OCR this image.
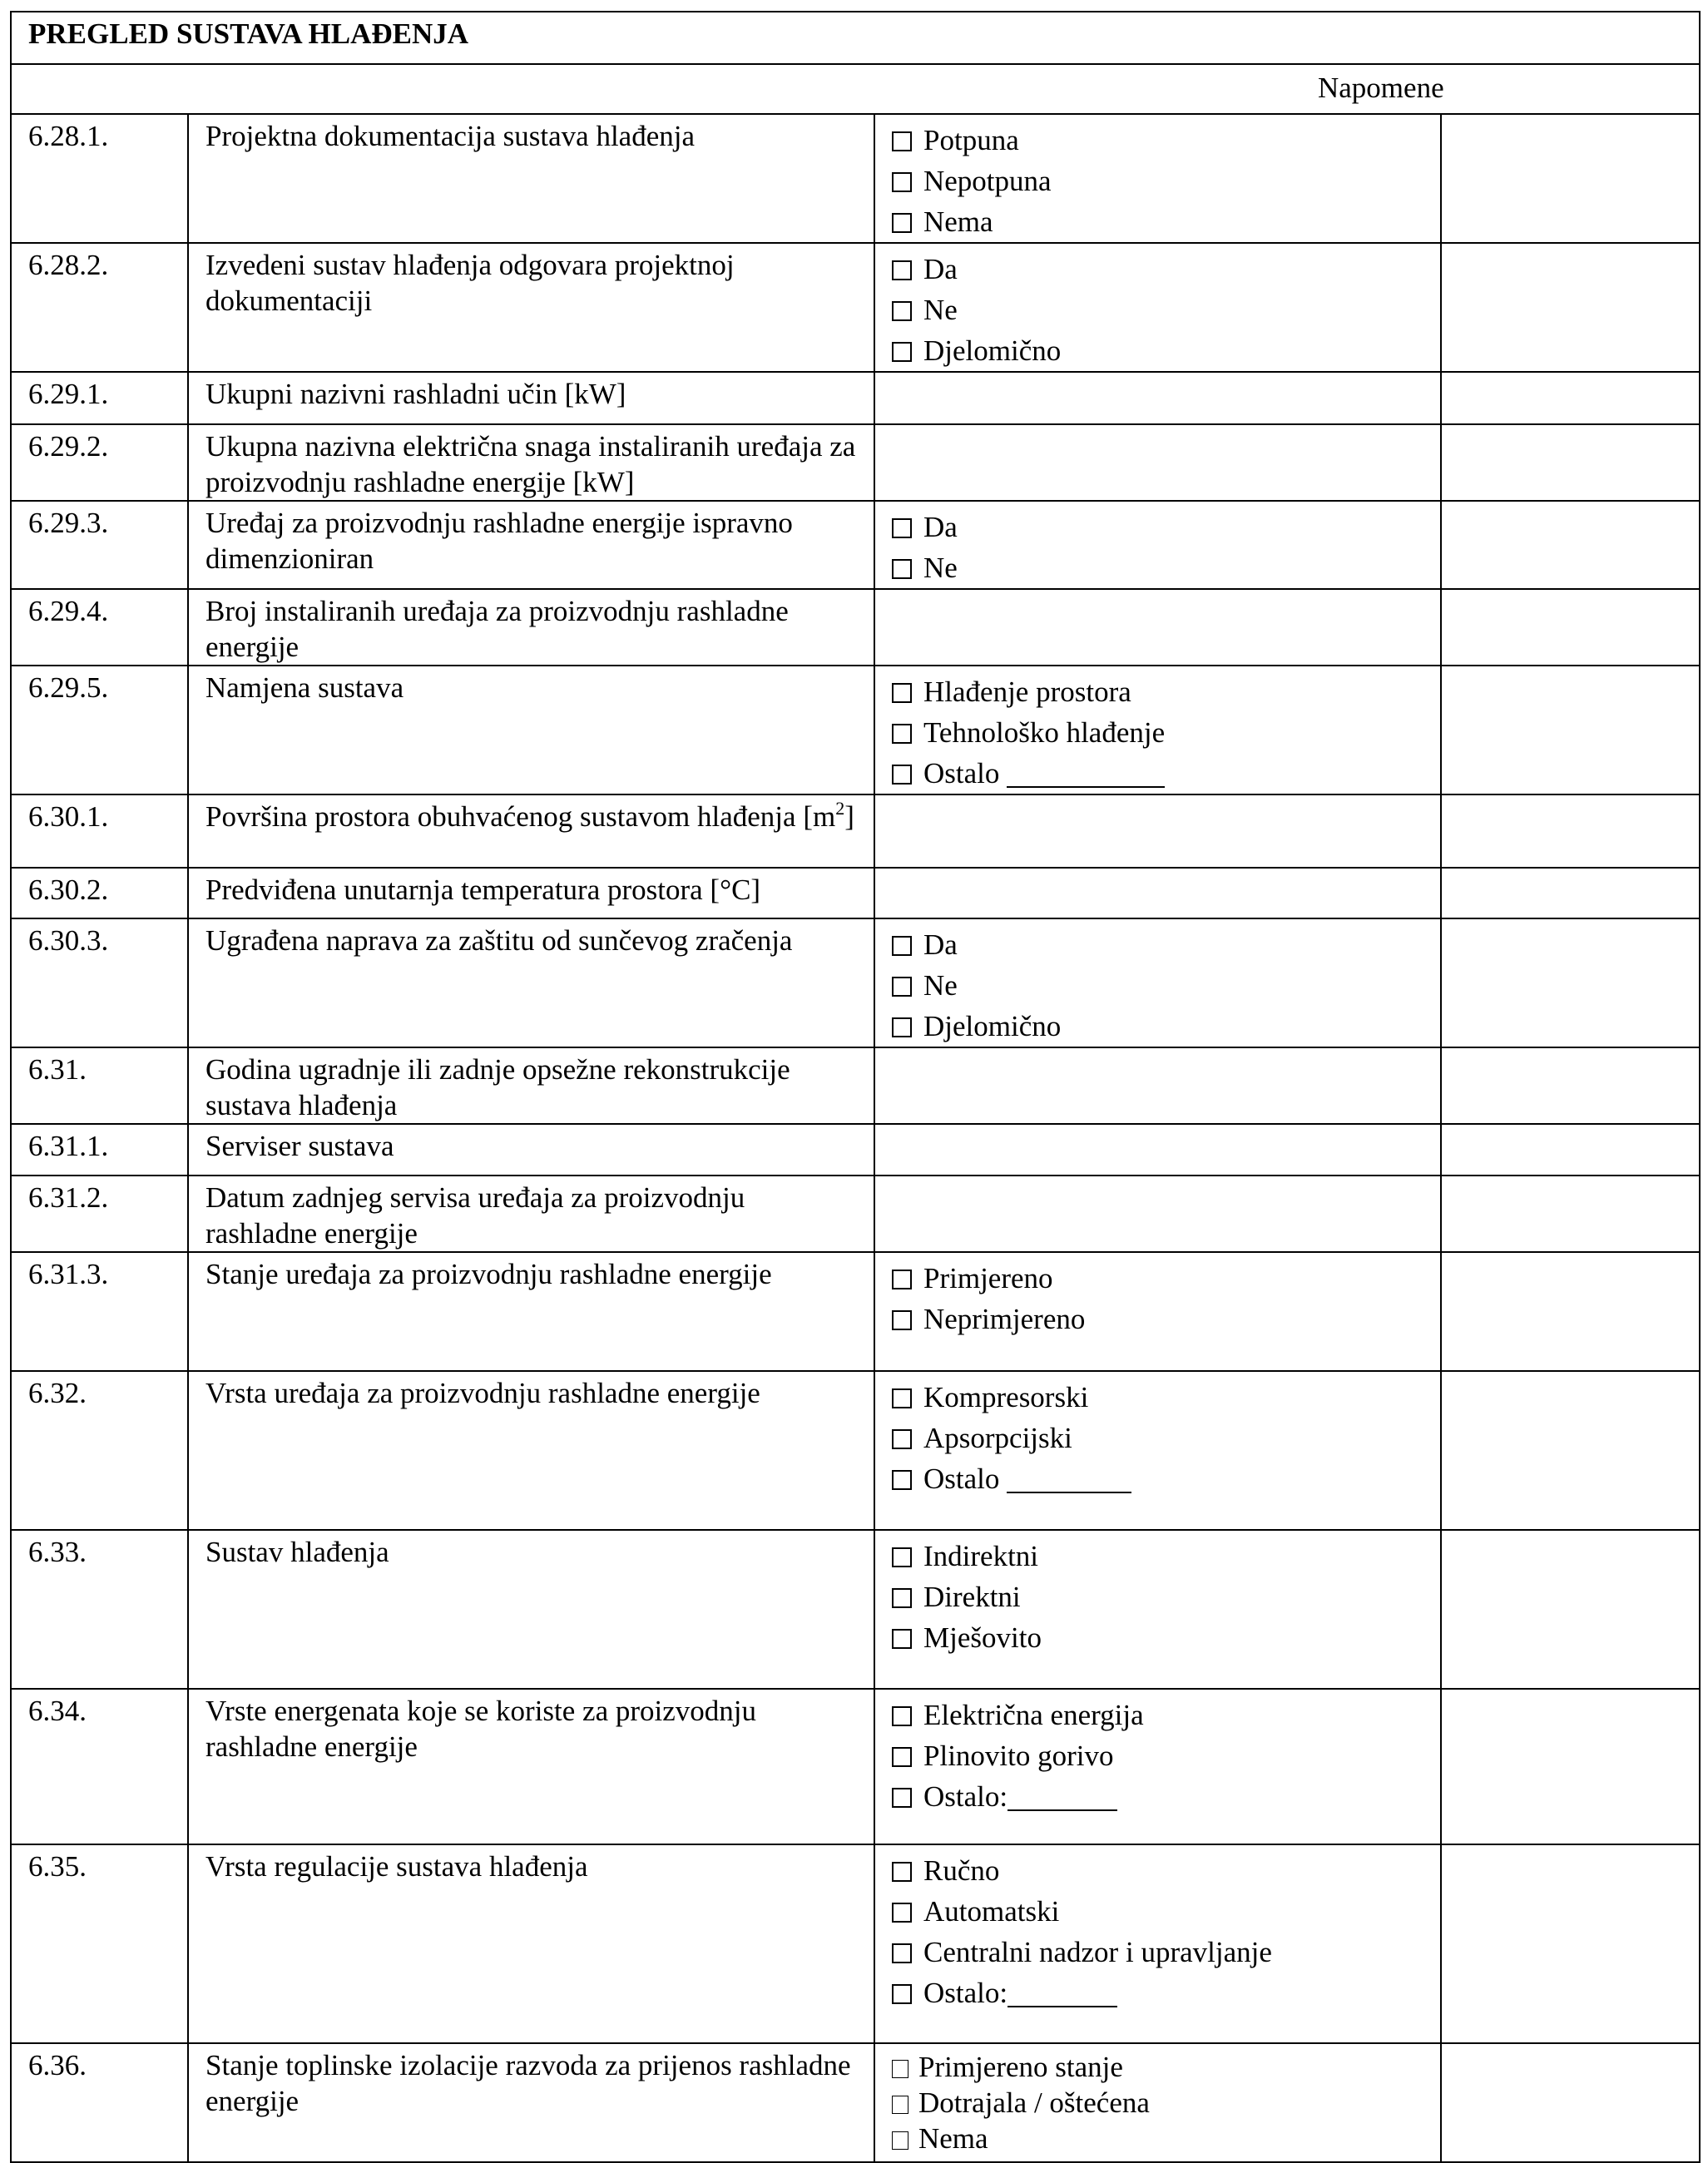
PREGLED SUSTAVA HLAĐENJA			

Napomene			

6.28.1.	Projektna dokumentacija sustava hlađenja	Potpuna
Nepotpuna
Nema	

6.28.2.	Izvedeni sustav hlađenja odgovara projektnoj dokumentaciji	Da
Ne
Djelomično	

6.29.1.	Ukupni nazivni rashladni učin [kW]		
6.29.2.	Ukupna nazivna električna snaga instaliranih uređaja za proizvodnju rashladne energije [kW]		
6.29.3.	Uređaj za proizvodnju rashladne energije ispravno dimenzioniran	Da
Ne	

6.29.4.	Broj instaliranih uređaja za proizvodnju rashladne energije		
6.29.5.	Namjena sustava	Hlađenje prostora
Tehnološko hlađenje
Ostalo	

6.30.1.	Površina prostora obuhvaćenog sustavom hlađenja $[m^2]$		
6.30.2.	Predviđena unutarnja temperatura prostora [°C]		
6.30.3.	Ugrađena naprava za zaštitu od sunčevog zračenja	Da
Ne
Djelomično	

6.31.	Godina ugradnje ili zadnje opsežne rekonstrukcije sustava hlađenja		
6.31.1.	Serviser sustava		
6.31.2.	Datum zadnjeg servisa uređaja za proizvodnju rashladne energije		
6.31.3.	Stanje uređaja za proizvodnju rashladne energije	Primjereno
Neprimjereno	

6.32.	Vrsta uređaja za proizvodnju rashladne energije	Kompresorski
Apsorpcijski
Ostalo	

6.33.	Sustav hlađenja	Indirektni
Direktni
Mješovito	

6.34.	Vrste energenata koje se koriste za proizvodnju rashladne energije	Električna energija
Plinovito gorivo
Ostalo:	

6.35.	Vrsta regulacije sustava hlađenja	Ručno
Automatski
Centralni nadzor i upravljanje
Ostalo:	

6.36.	Stanje toplinske izolacije razvoda za prijenos rashladne energije	Primjereno stanje
Dotrajala / oštećena
Nema	
